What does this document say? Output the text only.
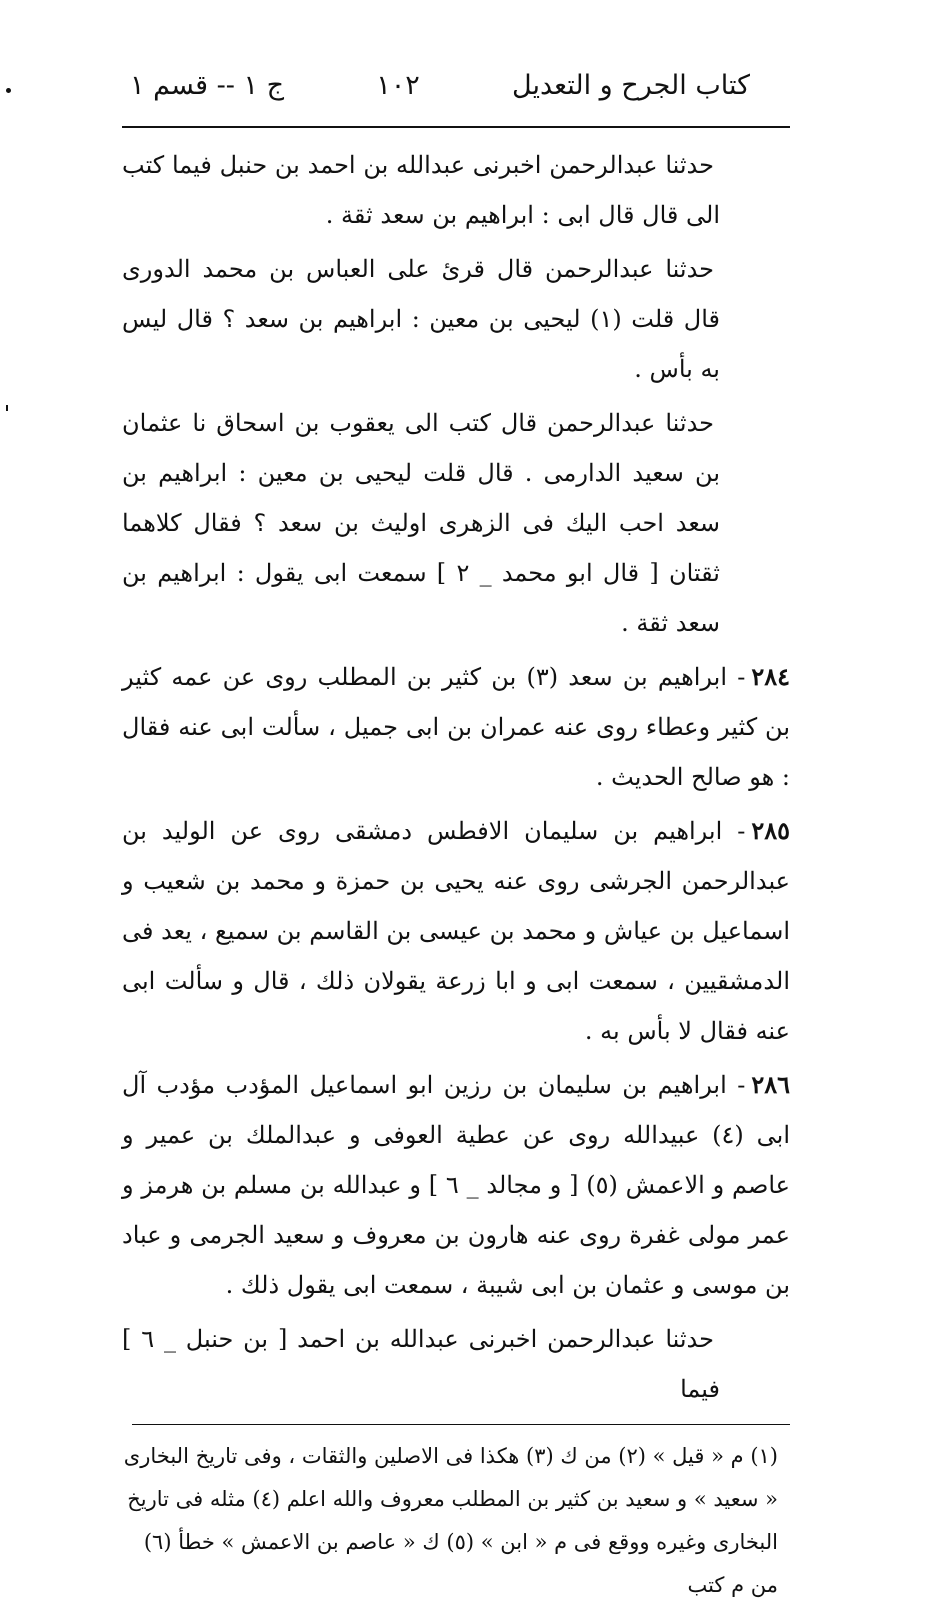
كتاب الجرح و التعديل
١٠٢
ج ١ -- قسم ١

حدثنا عبدالرحمن اخبرنى عبدالله بن احمد بن حنبل فيما كتب الى قال قال ابى : ابراهيم بن سعد ثقة .

حدثنا عبدالرحمن قال قرئ على العباس بن محمد الدورى قال قلت (١) ليحيى بن معين : ابراهيم بن سعد ؟ قال ليس به بأس .

حدثنا عبدالرحمن قال كتب الى يعقوب بن اسحاق نا عثمان بن سعيد الدارمى . قال قلت ليحيى بن معين : ابراهيم بن سعد احب اليك فى الزهرى اوليث بن سعد ؟ فقال كلاهما ثقتان [ قال ابو محمد _ ٢ ] سمعت ابى يقول : ابراهيم بن سعد ثقة .

٢٨٤- ابراهيم بن سعد (٣) بن كثير بن المطلب روى عن عمه كثير بن كثير وعطاء روى عنه عمران بن ابى جميل ، سألت ابى عنه فقال : هو صالح الحديث .

٢٨٥- ابراهيم بن سليمان الافطس دمشقى روى عن الوليد بن عبدالرحمن الجرشى روى عنه يحيى بن حمزة و محمد بن شعيب و اسماعيل بن عياش و محمد بن عيسى بن القاسم بن سميع ، يعد فى الدمشقيين ، سمعت ابى و ابا زرعة يقولان ذلك ، قال و سألت ابى عنه فقال لا بأس به .

٢٨٦- ابراهيم بن سليمان بن رزين ابو اسماعيل المؤدب مؤدب آل ابى (٤) عبيدالله روى عن عطية العوفى و عبدالملك بن عمير و عاصم و الاعمش (٥) [ و مجالد _ ٦ ] و عبدالله بن مسلم بن هرمز و عمر مولى غفرة روى عنه هارون بن معروف و سعيد الجرمى و عباد بن موسى و عثمان بن ابى شيبة ، سمعت ابى يقول ذلك .

حدثنا عبدالرحمن اخبرنى عبدالله بن احمد [ بن حنبل _ ٦ ] فيما

(١) م « قيل » (٢) من ك (٣) هكذا فى الاصلين والثقات ، وفى تاريخ البخارى « سعيد » و سعيد بن كثير بن المطلب معروف والله اعلم (٤) مثله فى تاريخ البخارى وغيره ووقع فى م « ابن » (٥) ك « عاصم بن الاعمش » خطأ (٦) من م كتب
